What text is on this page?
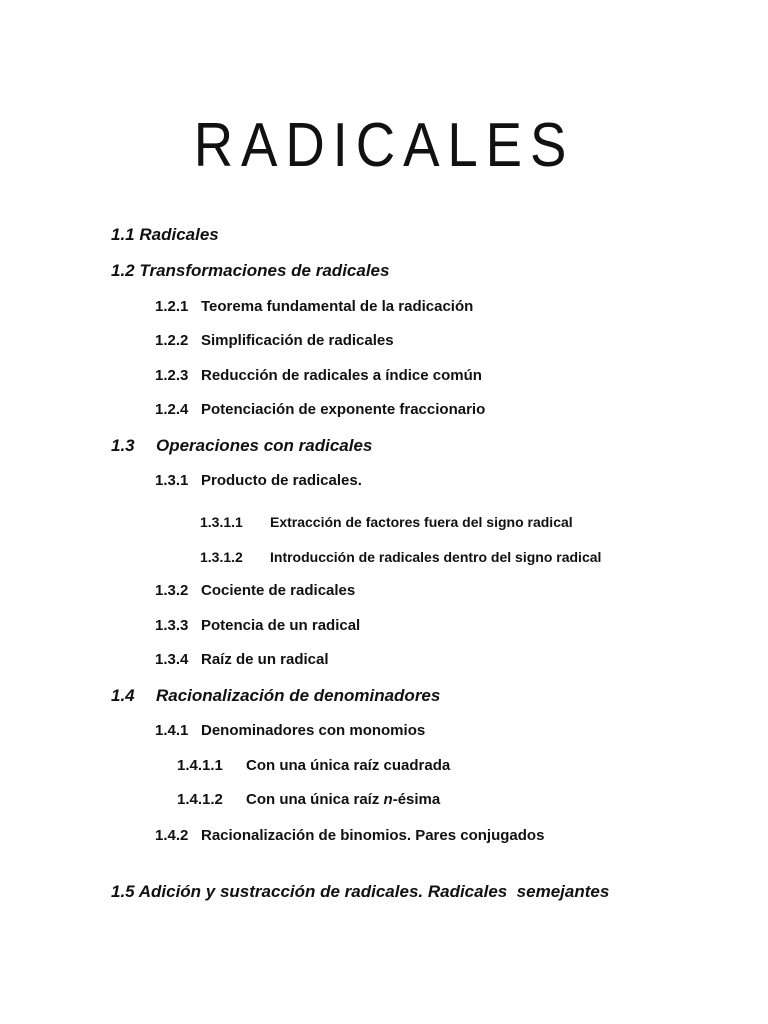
RADICALES
1.1 Radicales
1.2 Transformaciones de radicales
1.2.1 Teorema fundamental de la radicación
1.2.2 Simplificación de radicales
1.2.3 Reducción de radicales a índice común
1.2.4 Potenciación de exponente fraccionario
1.3 Operaciones con radicales
1.3.1 Producto de radicales.
1.3.1.1 Extracción de factores fuera del signo radical
1.3.1.2 Introducción de radicales dentro del signo radical
1.3.2 Cociente de radicales
1.3.3 Potencia de un radical
1.3.4 Raíz de un radical
1.4 Racionalización de denominadores
1.4.1 Denominadores con monomios
1.4.1.1 Con una única raíz cuadrada
1.4.1.2 Con una única raíz n-ésima
1.4.2 Racionalización de binomios. Pares conjugados
1.5 Adición y sustracción de radicales. Radicales  semejantes
